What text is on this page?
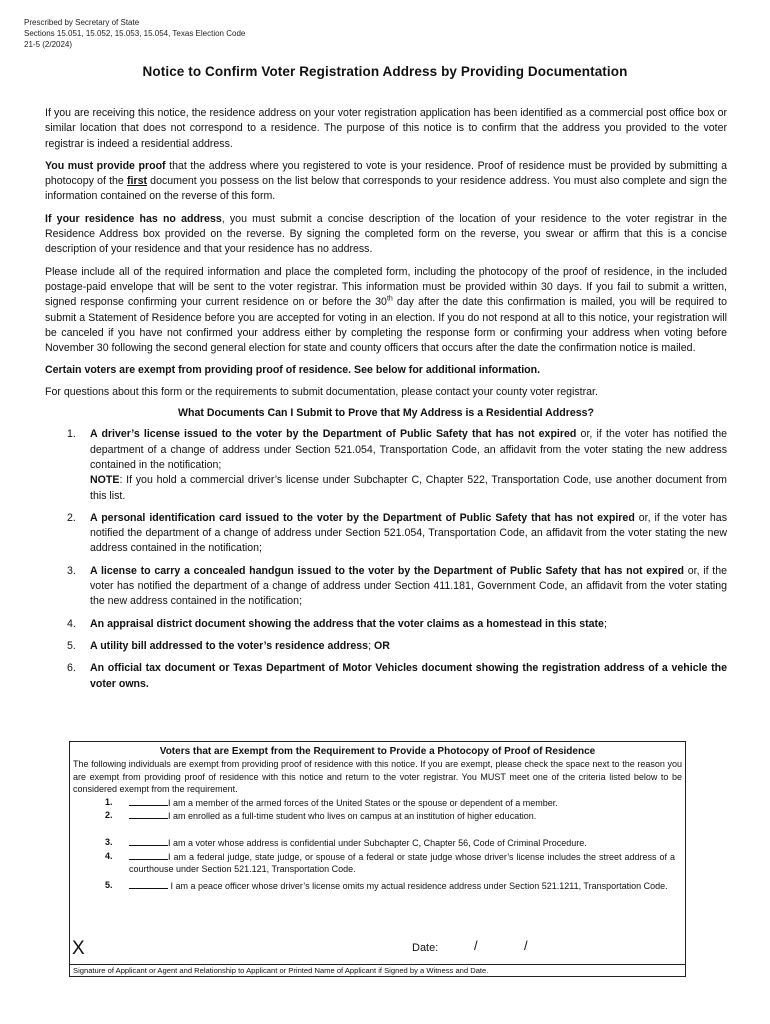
Prescribed by Secretary of State
Sections 15.051, 15.052, 15.053, 15.054, Texas Election Code
21-5 (2/2024)
Notice to Confirm Voter Registration Address by Providing Documentation

If you are receiving this notice, the residence address on your voter registration application has been identified as a commercial post office box or similar location that does not correspond to a residence. The purpose of this notice is to confirm that the address you provided to the voter registrar is indeed a residential address.

You must provide proof that the address where you registered to vote is your residence. Proof of residence must be provided by submitting a photocopy of the first document you possess on the list below that corresponds to your residence address. You must also complete and sign the information contained on the reverse of this form.

If your residence has no address, you must submit a concise description of the location of your residence to the voter registrar in the Residence Address box provided on the reverse. By signing the completed form on the reverse, you swear or affirm that this is a concise description of your residence and that your residence has no address.

Please include all of the required information and place the completed form, including the photocopy of the proof of residence, in the included postage-paid envelope that will be sent to the voter registrar. This information must be provided within 30 days. If you fail to submit a written, signed response confirming your current residence on or before the 30th day after the date this confirmation is mailed, you will be required to submit a Statement of Residence before you are accepted for voting in an election. If you do not respond at all to this notice, your registration will be canceled if you have not confirmed your address either by completing the response form or confirming your address when voting before November 30 following the second general election for state and county officers that occurs after the date the confirmation notice is mailed.

Certain voters are exempt from providing proof of residence. See below for additional information.

For questions about this form or the requirements to submit documentation, please contact your county voter registrar.

What Documents Can I Submit to Prove that My Address is a Residential Address?

1. A driver’s license issued to the voter by the Department of Public Safety that has not expired or, if the voter has notified the department of a change of address under Section 521.054, Transportation Code, an affidavit from the voter stating the new address contained in the notification;

NOTE: If you hold a commercial driver’s license under Subchapter C, Chapter 522, Transportation Code, use another document from this list.

2. A personal identification card issued to the voter by the Department of Public Safety that has not expired or, if the voter has notified the department of a change of address under Section 521.054, Transportation Code, an affidavit from the voter stating the new address contained in the notification;
3. A license to carry a concealed handgun issued to the voter by the Department of Public Safety that has not expired or, if the voter has notified the department of a change of address under Section 411.181, Government Code, an affidavit from the voter stating the new address contained in the notification;
4. An appraisal district document showing the address that the voter claims as a homestead in this state;
5. A utility bill addressed to the voter’s residence address; OR
6. An official tax document or Texas Department of Motor Vehicles document showing the registration address of a vehicle the voter owns.
Voters that are Exempt from the Requirement to Provide a Photocopy of Proof of Residence
The following individuals are exempt from providing proof of residence with this notice. If you are exempt, please check the space next to the reason you are exempt from providing proof of residence with this notice and return to the voter registrar. You MUST meet one of the criteria listed below to be considered exempt from the requirement.
1.	I am a member of the armed forces of the United States or the spouse or dependent of a member.
2.	I am enrolled as a full-time student who lives on campus at an institution of higher education.
3.	I am a voter whose address is confidential under Subchapter C, Chapter 56, Code of Criminal Procedure.
4.	I am a federal judge, state judge, or spouse of a federal or state judge whose driver’s license includes the street address of a courthouse under Section 521.121, Transportation Code.
5.	I am a peace officer whose driver’s license omits my actual residence address under Section 521.1211, Transportation Code.
X	Date:	/	/
Signature of Applicant or Agent and Relationship to Applicant or Printed Name of Applicant if Signed by a Witness and Date.
